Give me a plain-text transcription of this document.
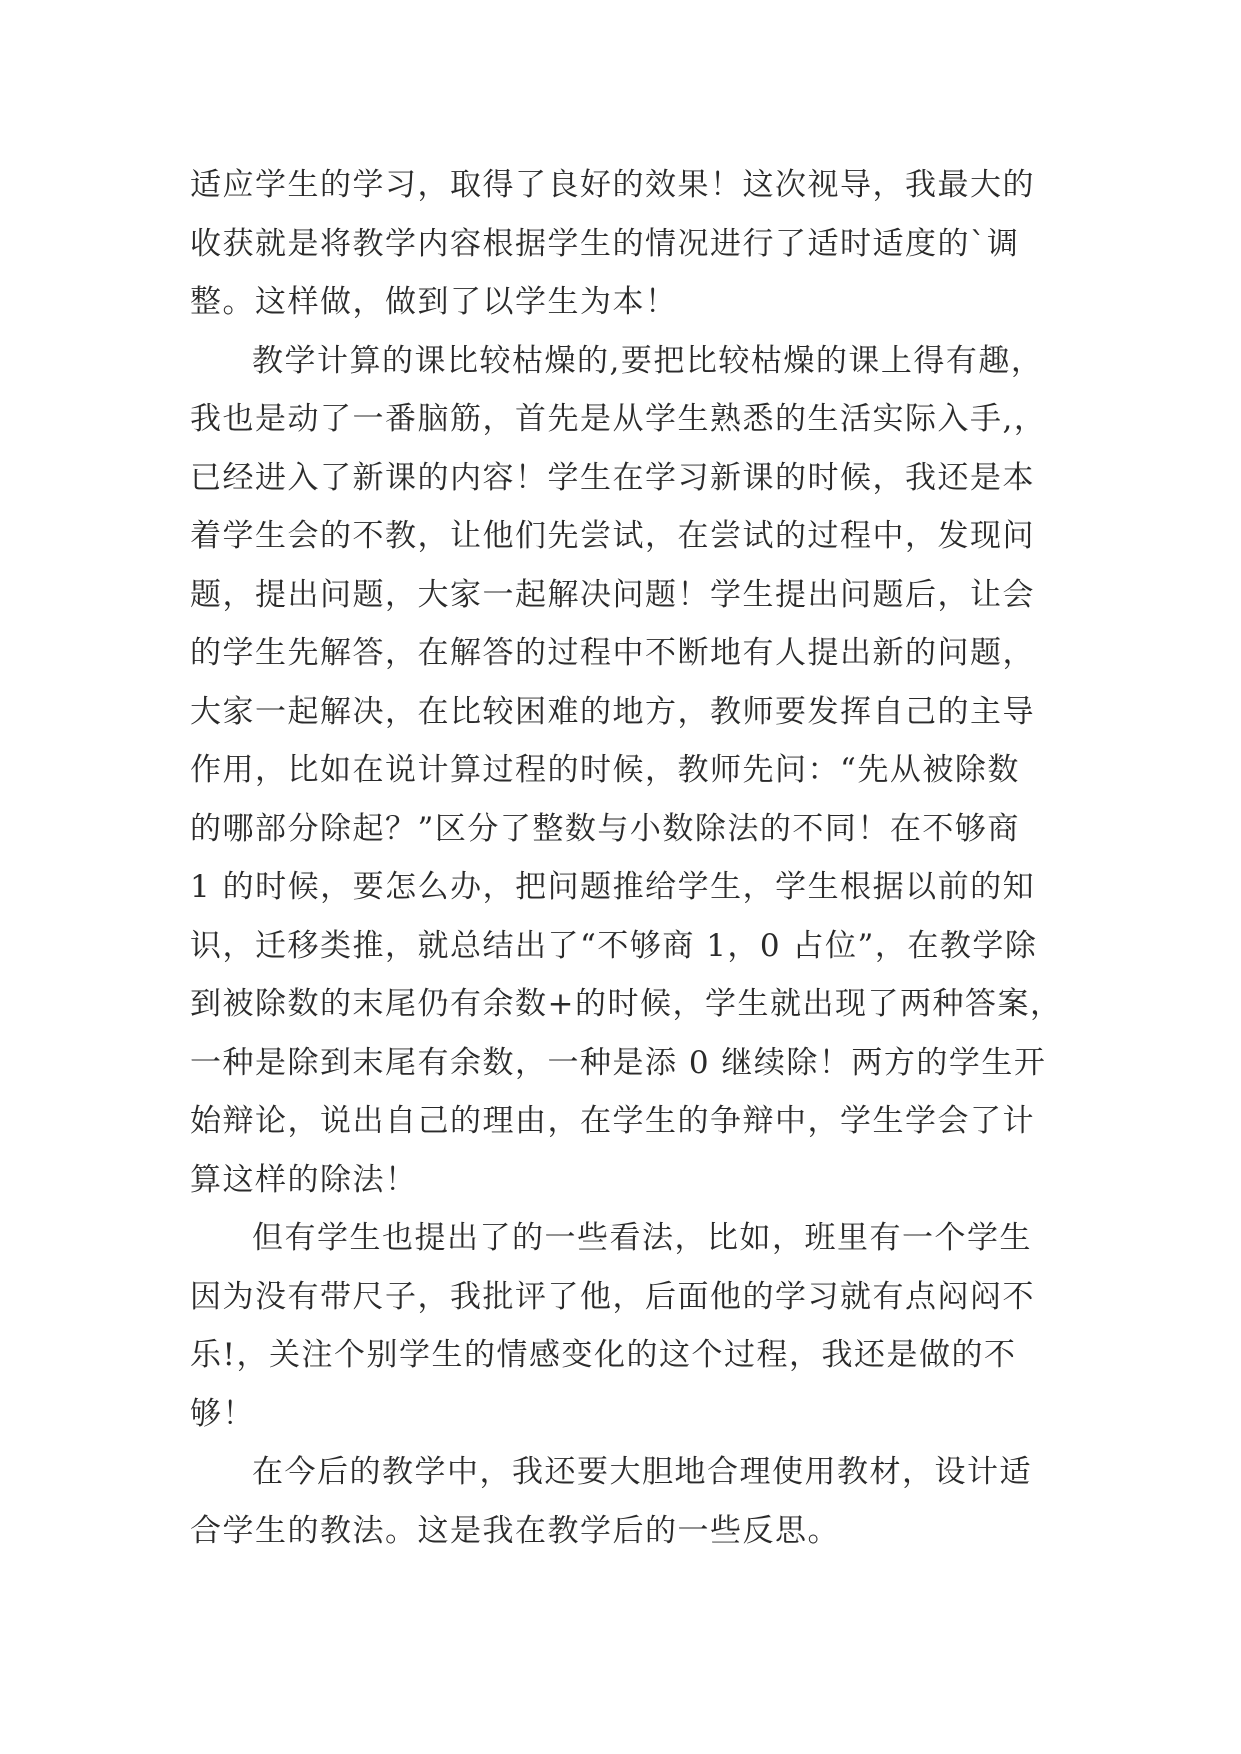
适应学生的学习，取得了良好的效果！这次视导，我最大的
收获就是将教学内容根据学生的情况进行了适时适度的`调
整。这样做，做到了以学生为本！
教学计算的课比较枯燥的,要把比较枯燥的课上得有趣，
我也是动了一番脑筋，首先是从学生熟悉的生活实际入手,，
已经进入了新课的内容！学生在学习新课的时候，我还是本
着学生会的不教，让他们先尝试，在尝试的过程中，发现问
题，提出问题，大家一起解决问题！学生提出问题后，让会
的学生先解答，在解答的过程中不断地有人提出新的问题，
大家一起解决，在比较困难的地方，教师要发挥自己的主导
作用，比如在说计算过程的时候，教师先问：“先从被除数
的哪部分除起？”区分了整数与小数除法的不同！在不够商
1 的时候，要怎么办，把问题推给学生，学生根据以前的知
识，迁移类推，就总结出了“不够商 1，0 占位”，在教学除
到被除数的末尾仍有余数+的时候，学生就出现了两种答案，
一种是除到末尾有余数，一种是添 0 继续除！两方的学生开
始辩论，说出自己的理由，在学生的争辩中，学生学会了计
算这样的除法！
但有学生也提出了的一些看法，比如，班里有一个学生
因为没有带尺子，我批评了他，后面他的学习就有点闷闷不
乐!，关注个别学生的情感变化的这个过程，我还是做的不
够！
在今后的教学中，我还要大胆地合理使用教材，设计适
合学生的教法。这是我在教学后的一些反思。
